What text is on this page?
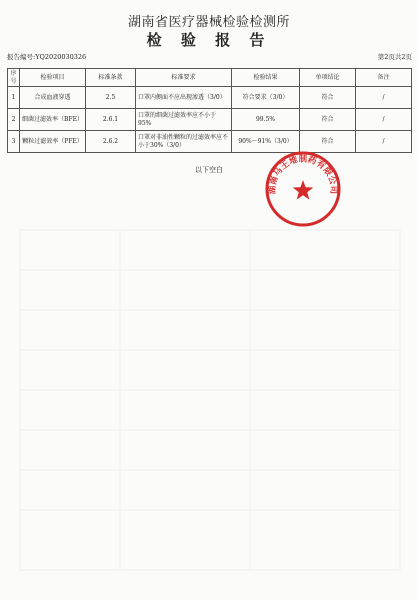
湖南省医疗器械检验检测所
检 验 报 告
报告编号:YQ2020030326	第2页共2页
序号	检验项目	标准条款	标准要求	检验结果	单项结论	备注
1	合成血液穿透	2.5	口罩内侧面不应出现渗透（3/0）	符合要求（3/0）	符合	/
2	细菌过滤效率（BFE）	2.6.1	口罩的细菌过滤效率应不小于95%	99.5%	符合	/
3	颗粒过滤效率（PFE）	2.6.2	口罩对非油性颗粒的过滤效率应不小于30%（3/0）	90%～91%（3/0）	符合	/
以下空白
湖南马王堆制药有限公司
